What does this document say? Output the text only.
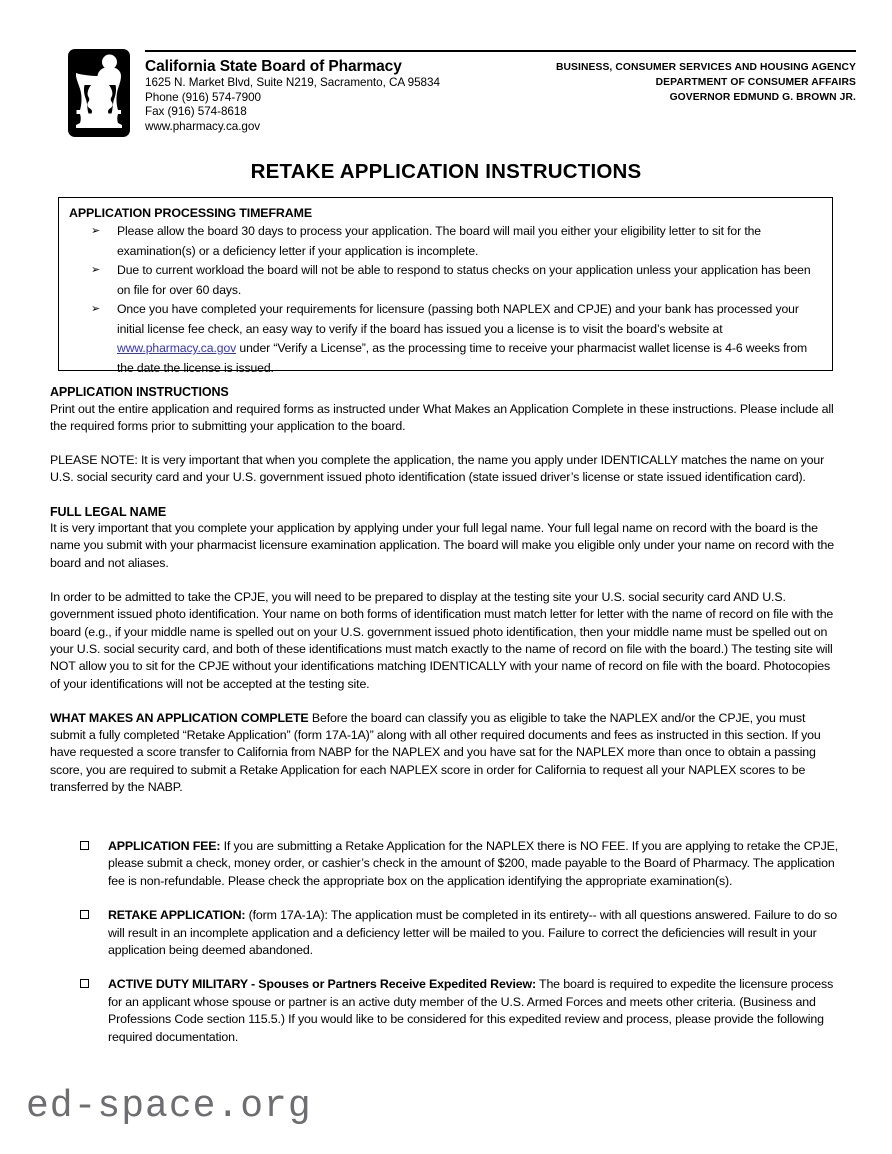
California State Board of Pharmacy
1625 N. Market Blvd, Suite N219, Sacramento, CA 95834
Phone (916) 574-7900
Fax (916) 574-8618
www.pharmacy.ca.gov
BUSINESS, CONSUMER SERVICES AND HOUSING AGENCY
DEPARTMENT OF CONSUMER AFFAIRS
GOVERNOR EDMUND G. BROWN JR.
RETAKE APPLICATION INSTRUCTIONS
APPLICATION PROCESSING TIMEFRAME
➢ Please allow the board 30 days to process your application. The board will mail you either your eligibility letter to sit for the examination(s) or a deficiency letter if your application is incomplete.
➢ Due to current workload the board will not be able to respond to status checks on your application unless your application has been on file for over 60 days.
➢ Once you have completed your requirements for licensure (passing both NAPLEX and CPJE) and your bank has processed your initial license fee check, an easy way to verify if the board has issued you a license is to visit the board’s website at www.pharmacy.ca.gov under “Verify a License”, as the processing time to receive your pharmacist wallet license is 4-6 weeks from the date the license is issued.
APPLICATION INSTRUCTIONS

Print out the entire application and required forms as instructed under What Makes an Application Complete in these instructions. Please include all the required forms prior to submitting your application to the board.

PLEASE NOTE: It is very important that when you complete the application, the name you apply under IDENTICALLY matches the name on your U.S. social security card and your U.S. government issued photo identification (state issued driver’s license or state issued identification card).

FULL LEGAL NAME

It is very important that you complete your application by applying under your full legal name. Your full legal name on record with the board is the name you submit with your pharmacist licensure examination application. The board will make you eligible only under your name on record with the board and not aliases.

In order to be admitted to take the CPJE, you will need to be prepared to display at the testing site your U.S. social security card AND U.S. government issued photo identification. Your name on both forms of identification must match letter for letter with the name of record on file with the board (e.g., if your middle name is spelled out on your U.S. government issued photo identification, then your middle name must be spelled out on your U.S. social security card, and both of these identifications must match exactly to the name of record on file with the board.) The testing site will NOT allow you to sit for the CPJE without your identifications matching IDENTICALLY with your name of record on file with the board. Photocopies of your identifications will not be accepted at the testing site.

WHAT MAKES AN APPLICATION COMPLETE Before the board can classify you as eligible to take the NAPLEX and/or the CPJE, you must submit a fully completed “Retake Application” (form 17A-1A)” along with all other required documents and fees as instructed in this section. If you have requested a score transfer to California from NABP for the NAPLEX and you have sat for the NAPLEX more than once to obtain a passing score, you are required to submit a Retake Application for each NAPLEX score in order for California to request all your NAPLEX scores to be transferred by the NABP.

APPLICATION FEE: If you are submitting a Retake Application for the NAPLEX there is NO FEE. If you are applying to retake the CPJE, please submit a check, money order, or cashier’s check in the amount of $200, made payable to the Board of Pharmacy. The application fee is non-refundable. Please check the appropriate box on the application identifying the appropriate examination(s).
RETAKE APPLICATION: (form 17A-1A): The application must be completed in its entirety-- with all questions answered. Failure to do so will result in an incomplete application and a deficiency letter will be mailed to you. Failure to correct the deficiencies will result in your application being deemed abandoned.
ACTIVE DUTY MILITARY - Spouses or Partners Receive Expedited Review: The board is required to expedite the licensure process for an applicant whose spouse or partner is an active duty member of the U.S. Armed Forces and meets other criteria. (Business and Professions Code section 115.5.) If you would like to be considered for this expedited review and process, please provide the following required documentation.
ed-space.org
